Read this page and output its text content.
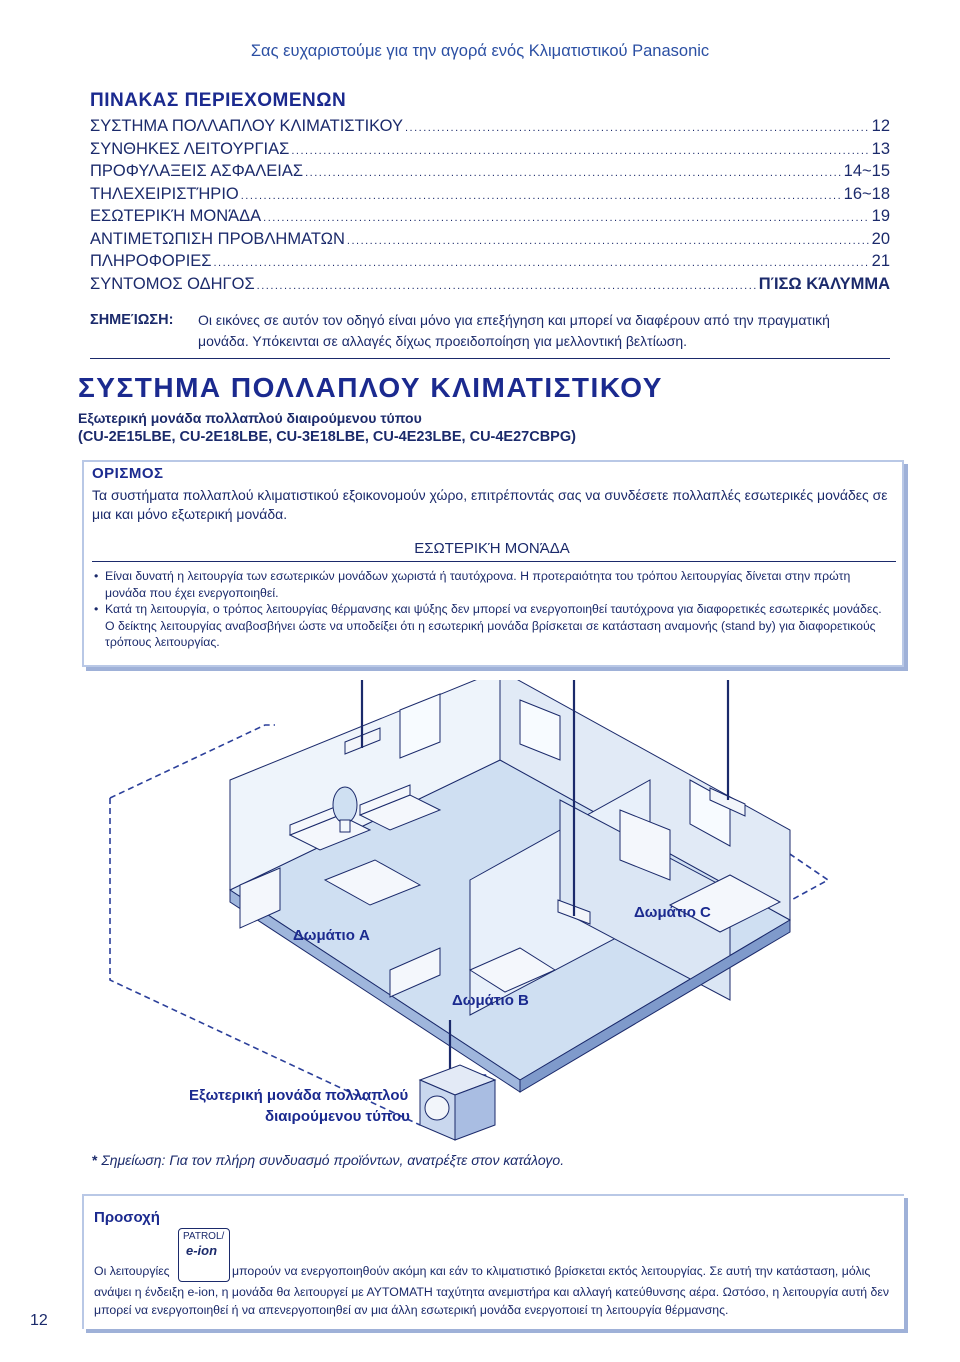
Σας ευχαριστούμε για την αγορά ενός Κλιματιστικού Panasonic
ΠΙΝΑΚΑΣ ΠΕΡΙΕΧΟΜΕΝΩΝ
ΣΥΣΤΗΜΑ ΠΟΛΛΑΠΛΟΥ ΚΛΙΜΑΤΙΣΤΙΚΟΥ .....	12
ΣΥΝΘΗΚΕΣ ΛΕΙΤΟΥΡΓΙΑΣ .....	13
ΠΡΟΦΥΛΑΞΕΙΣ ΑΣΦΑΛΕΙΑΣ .....	14~15
ΤΗΛΕΧΕΙΡΙΣΤΉΡΙΟ .....	16~18
ΕΣΩΤΕΡΙΚΉ ΜΟΝΆΔΑ .....	19
ΑΝΤΙΜΕΤΩΠΙΣΗ ΠΡΟΒΛΗΜΑΤΩΝ .....	20
ΠΛΗΡΟΦΟΡΙΕΣ .....	21
ΣΥΝΤΟΜΟΣ ΟΔΗΓΟΣ .....	ΠΊΣΩ ΚΆΛΥΜΜΑ
ΣΗΜΕΊΩΣΗ:	Οι εικόνες σε αυτόν τον οδηγό είναι μόνο για επεξήγηση και μπορεί να διαφέρουν από την πραγματική
μονάδα. Υπόκεινται σε αλλαγές δίχως προειδοποίηση για μελλοντική βελτίωση.
ΣΥΣΤΗΜΑ ΠΟΛΛΑΠΛΟΥ ΚΛΙΜΑΤΙΣΤΙΚΟΥ
Εξωτερική μονάδα πολλαπλού διαιρούμενου τύπου
(CU-2E15LBE, CU-2E18LBE, CU-3E18LBE, CU-4E23LBE, CU-4E27CBPG)
ΟΡΙΣΜΟΣ
Τα συστήματα πολλαπλού κλιματιστικού εξοικονομούν χώρο, επιτρέποντάς σας να συνδέσετε πολλαπλές εσωτερικές μονάδες σε μια και μόνο εξωτερική μονάδα.
ΕΣΩΤΕΡΙΚΉ ΜΟΝΆΔΑ
• Είναι δυνατή η λειτουργία των εσωτερικών μονάδων χωριστά ή ταυτόχρονα. Η προτεραιότητα του τρόπου λειτουργίας δίνεται στην πρώτη μονάδα που έχει ενεργοποιηθεί.
• Κατά τη λειτουργία, ο τρόπος λειτουργίας θέρμανσης και ψύξης δεν μπορεί να ενεργοποιηθεί ταυτόχρονα για διαφορετικές εσωτερικές μονάδες. Ο δείκτης λειτουργίας αναβοσβήνει ώστε να υποδείξει ότι η εσωτερική μονάδα βρίσκεται σε κατάσταση αναμονής (stand by) για διαφορετικούς τρόπους λειτουργίας.
Δωμάτιο A
Δωμάτιο B
Δωμάτιο C
Εξωτερική μονάδα πολλαπλού
διαιρούμενου τύπου
* Σημείωση: Για τον πλήρη συνδυασμό προϊόντων, ανατρέξτε στον κατάλογο.
Προσοχή
PATROL/
e-ion
Οι λειτουργίες	μπορούν να ενεργοποιηθούν ακόμη και εάν το κλιματιστικό βρίσκεται εκτός λειτουργίας. Σε αυτή την κατάσταση, μόλις
ανάψει η ένδειξη e-ion, η μονάδα θα λειτουργεί με ΑΥΤΟΜΑΤΗ ταχύτητα ανεμιστήρα και αλλαγή κατεύθυνσης αέρα. Ωστόσο, η λειτουργία αυτή δεν μπορεί να ενεργοποιηθεί ή να απενεργοποιηθεί αν μια άλλη εσωτερική μονάδα ενεργοποιεί τη λειτουργία θέρμανσης.
12
